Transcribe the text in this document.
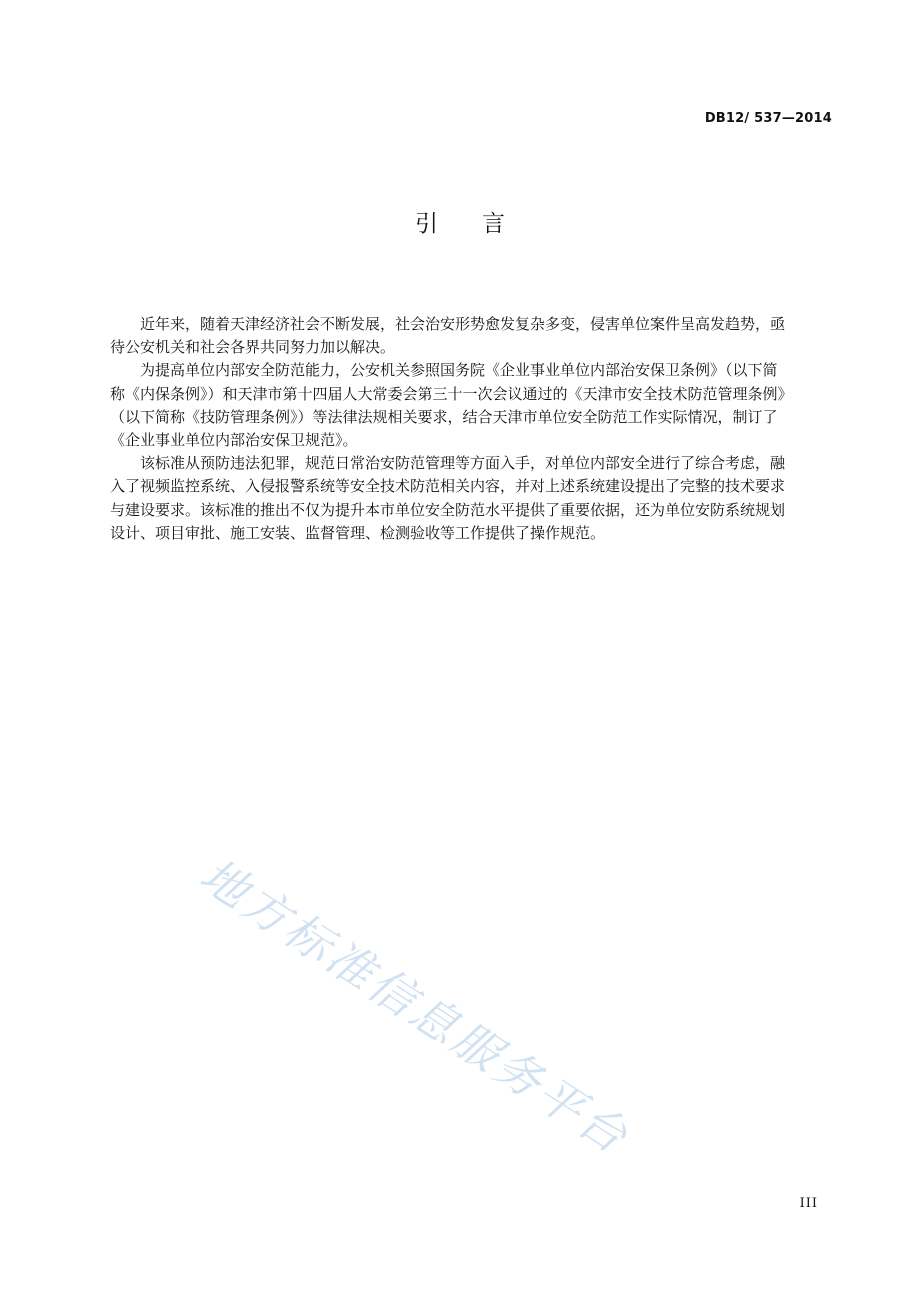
DB12/ 537—2014
引言

近年来，随着天津经济社会不断发展，社会治安形势愈发复杂多变，侵害单位案件呈高发趋势，亟
待公安机关和社会各界共同努力加以解决。

为提高单位内部安全防范能力，公安机关参照国务院《企业事业单位内部治安保卫条例》（以下简
称《内保条例》）和天津市第十四届人大常委会第三十一次会议通过的《天津市安全技术防范管理条例》
（以下简称《技防管理条例》）等法律法规相关要求，结合天津市单位安全防范工作实际情况，制订了
《企业事业单位内部治安保卫规范》。

该标准从预防违法犯罪，规范日常治安防范管理等方面入手，对单位内部安全进行了综合考虑，融
入了视频监控系统、入侵报警系统等安全技术防范相关内容，并对上述系统建设提出了完整的技术要求
与建设要求。该标准的推出不仅为提升本市单位安全防范水平提供了重要依据，还为单位安防系统规划
设计、项目审批、施工安装、监督管理、检测验收等工作提供了操作规范。

地方标准信息服务平台
III
